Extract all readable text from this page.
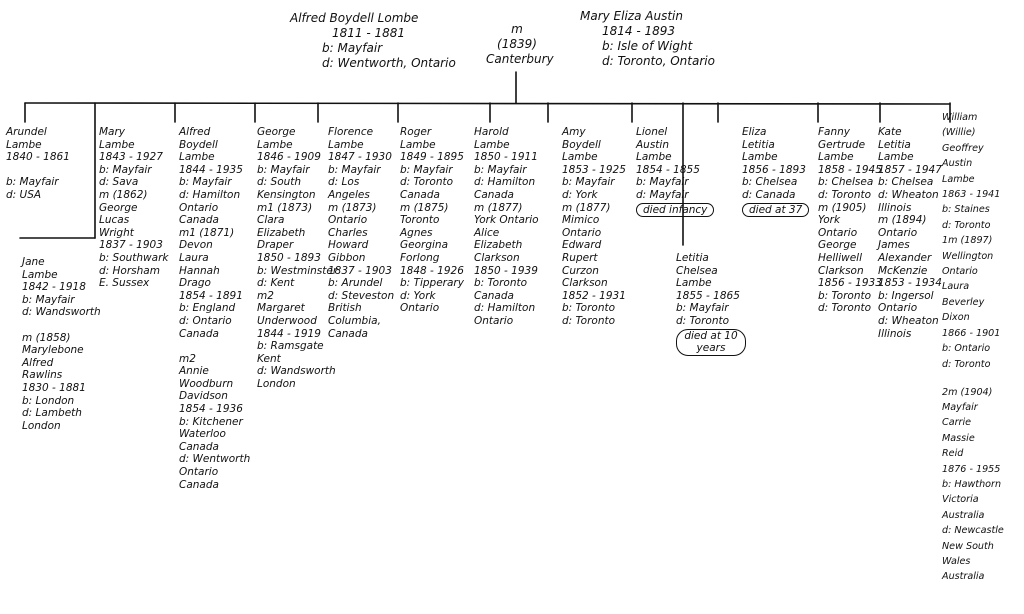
Alfred Boydell Lombe
1811 - 1881
b: Mayfair
d: Wentworth, Ontario
m
(1839)
Canterbury
Mary Eliza Austin
1814 - 1893
b: Isle of Wight
d: Toronto, Ontario
Arundel
Lambe
1840 - 1861
b: Mayfair
d: USA
Jane
Lambe
1842 - 1918
b: Mayfair
d: Wandsworth
m (1858)
Marylebone
Alfred
Rawlins
1830 - 1881
b: London
d: Lambeth
London
Mary
Lambe
1843 - 1927
b: Mayfair
d: Sava
m (1862)
George
Lucas
Wright
1837 - 1903
b: Southwark
d: Horsham
E. Sussex
Alfred
Boydell
Lambe
1844 - 1935
b: Mayfair
d: Hamilton
Ontario
Canada
m1 (1871)
Devon
Laura
Hannah
Drago
1854 - 1891
b: England
d: Ontario
Canada
m2
Annie
Woodburn
Davidson
1854 - 1936
b: Kitchener
Waterloo
Canada
d: Wentworth
Ontario
Canada
George
Lambe
1846 - 1909
b: Mayfair
d: South
Kensington
m1 (1873)
Clara
Elizabeth
Draper
1850 - 1893
b: Westminster
d: Kent
m2
Margaret
Underwood
1844 - 1919
b: Ramsgate
Kent
d: Wandsworth
London
Florence
Lambe
1847 - 1930
b: Mayfair
d: Los
Angeles
m (1873)
Ontario
Charles
Howard
Gibbon
1837 - 1903
b: Arundel
d: Steveston
British
Columbia,
Canada
Roger
Lambe
1849 - 1895
b: Mayfair
d: Toronto
Canada
m (1875)
Toronto
Agnes
Georgina
Forlong
1848 - 1926
b: Tipperary
d: York
Ontario
Harold
Lambe
1850 - 1911
b: Mayfair
d: Hamilton
Canada
m (1877)
York Ontario
Alice
Elizabeth
Clarkson
1850 - 1939
b: Toronto
Canada
d: Hamilton
Ontario
Amy
Boydell
Lambe
1853 - 1925
b: Mayfair
d: York
m (1877)
Mimico
Ontario
Edward
Rupert
Curzon
Clarkson
1852 - 1931
b: Toronto
d: Toronto
Lionel
Austin
Lambe
1854 - 1855
b: Mayfair
d: Mayfair
died infancy
Letitia
Chelsea
Lambe
1855 - 1865
b: Mayfair
d: Toronto
died at 10 years
Eliza
Letitia
Lambe
1856 - 1893
b: Chelsea
d: Canada
died at 37
Fanny
Gertrude
Lambe
1858 - 1945
b: Chelsea
d: Toronto
m (1905)
York
Ontario
George
Helliwell
Clarkson
1856 - 1933
b: Toronto
d: Toronto
Kate
Letitia
Lambe
1857 - 1947
b: Chelsea
d: Wheaton
Illinois
m (1894)
Ontario
James
Alexander
McKenzie
1853 - 1934
b: Ingersol
Ontario
d: Wheaton
Illinois
William
(Willie)
Geoffrey
Austin
Lambe
1863 - 1941
b: Staines
d: Toronto
1m (1897)
Wellington
Ontario
Laura
Beverley
Dixon
1866 - 1901
b: Ontario
d: Toronto
2m (1904)
Mayfair
Carrie
Massie
Reid
1876 - 1955
b: Hawthorn
Victoria
Australia
d: Newcastle
New South
Wales
Australia
